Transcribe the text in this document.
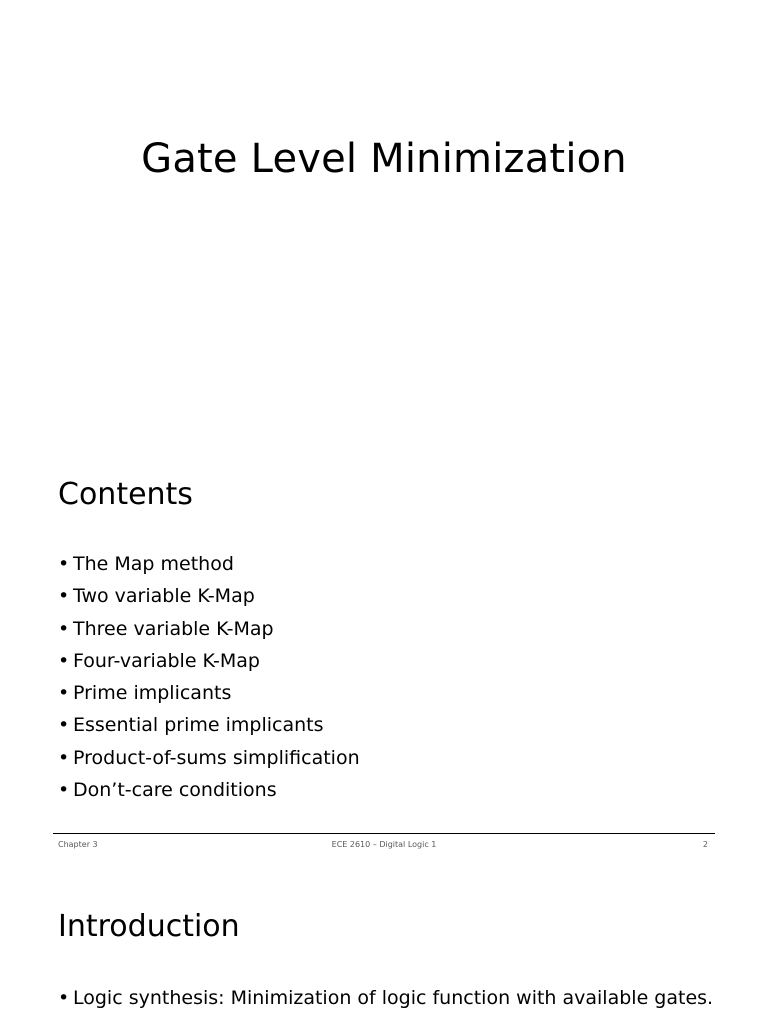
Gate Level Minimization
Contents
• The Map method
• Two variable K-Map
• Three variable K-Map
• Four-variable K-Map
• Prime implicants
• Essential prime implicants
• Product-of-sums simplification
• Don’t-care conditions
Chapter 3	ECE 2610 – Digital Logic 1	2
Introduction
• Logic synthesis: Minimization of logic function with available gates.
